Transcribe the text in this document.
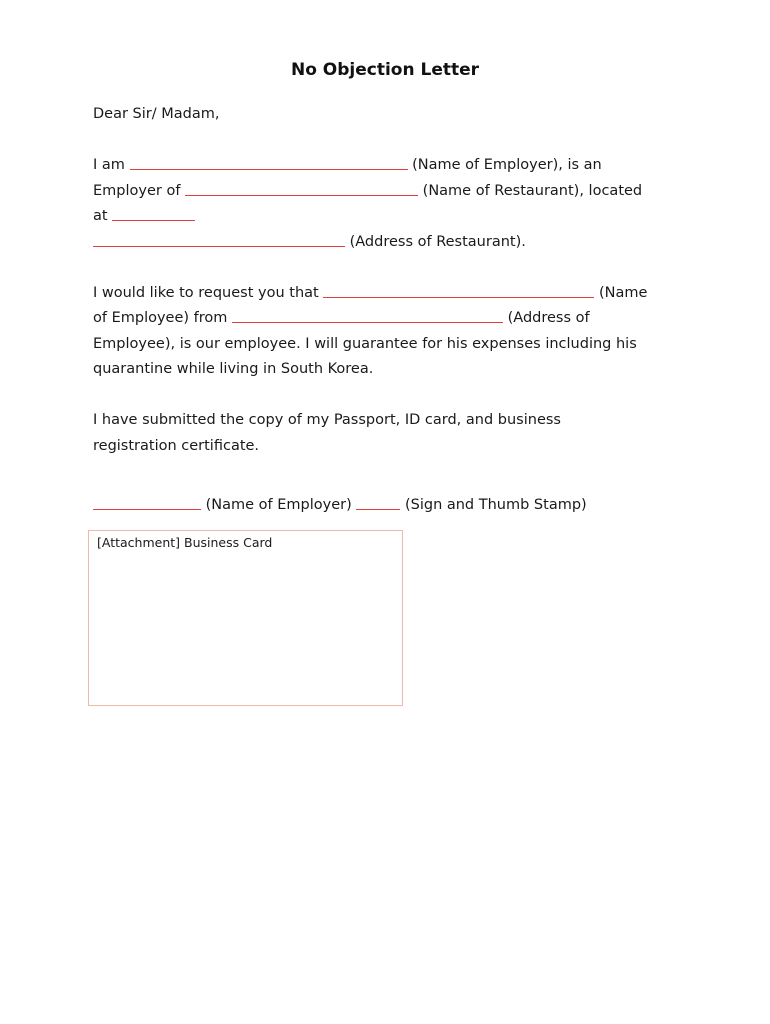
No Objection Letter
Dear Sir/ Madam,
I am	(Name of Employer), is an
Employer of	(Name of Restaurant), located
at
(Address of Restaurant).
I would like to request you that	(Name
of Employee) from	(Address of
Employee), is our employee. I will guarantee for his expenses including his
quarantine while living in South Korea.
I have submitted the copy of my Passport, ID card, and business
registration certificate.
(Name of Employer)	(Sign and Thumb Stamp)
[Attachment] Business Card
